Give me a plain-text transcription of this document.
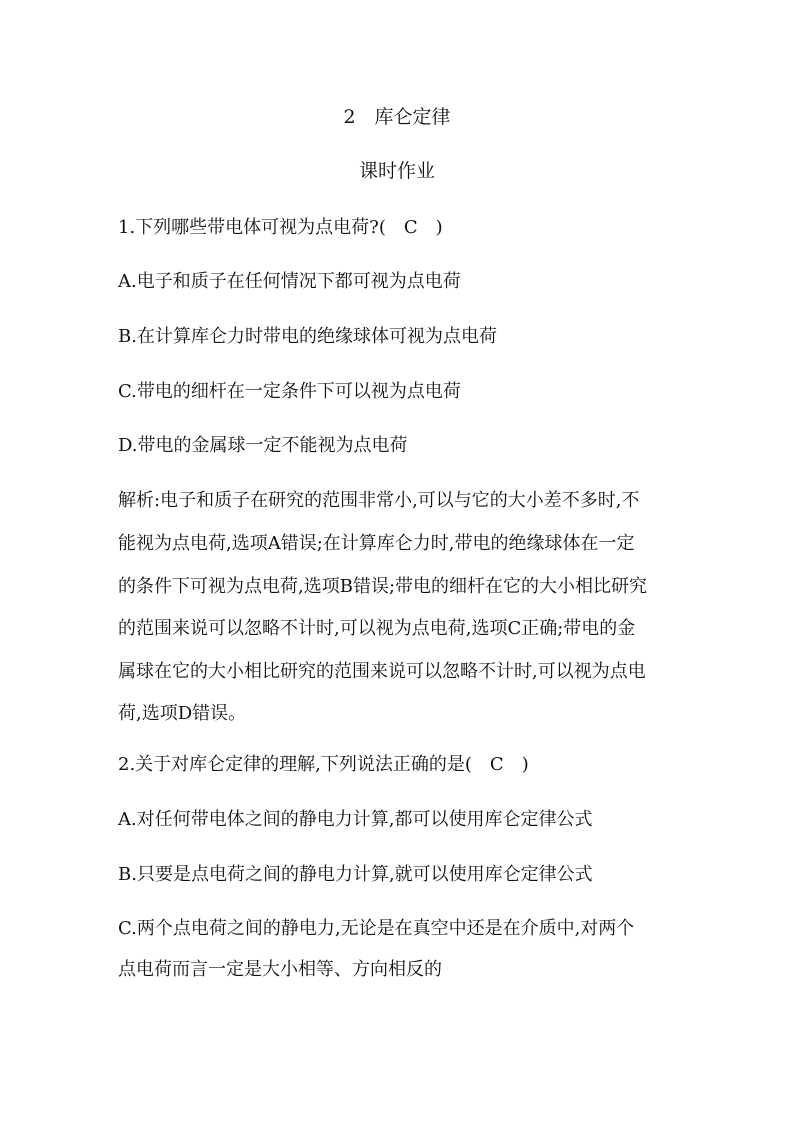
2　库仑定律
课时作业
1.下列哪些带电体可视为点电荷?(　C　)
A.电子和质子在任何情况下都可视为点电荷
B.在计算库仑力时带电的绝缘球体可视为点电荷
C.带电的细杆在一定条件下可以视为点电荷
D.带电的金属球一定不能视为点电荷
解析:电子和质子在研究的范围非常小,可以与它的大小差不多时,不
能视为点电荷,选项A错误;在计算库仑力时,带电的绝缘球体在一定
的条件下可视为点电荷,选项B错误;带电的细杆在它的大小相比研究
的范围来说可以忽略不计时,可以视为点电荷,选项C正确;带电的金
属球在它的大小相比研究的范围来说可以忽略不计时,可以视为点电
荷,选项D错误。
2.关于对库仑定律的理解,下列说法正确的是(　C　)
A.对任何带电体之间的静电力计算,都可以使用库仑定律公式
B.只要是点电荷之间的静电力计算,就可以使用库仑定律公式
C.两个点电荷之间的静电力,无论是在真空中还是在介质中,对两个
点电荷而言一定是大小相等、方向相反的
